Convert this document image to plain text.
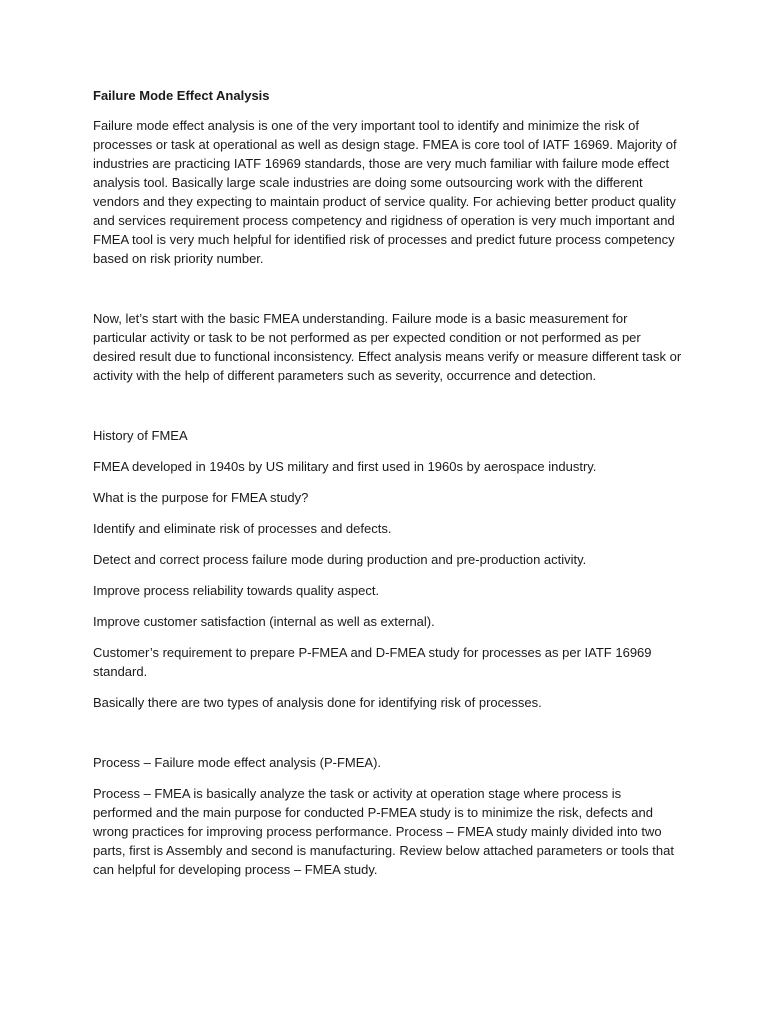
Failure Mode Effect Analysis

Failure mode effect analysis is one of the very important tool to identify and minimize the risk of processes or task at operational as well as design stage. FMEA is core tool of IATF 16969. Majority of industries are practicing IATF 16969 standards, those are very much familiar with failure mode effect analysis tool. Basically large scale industries are doing some outsourcing work with the different vendors and they expecting to maintain product of service quality. For achieving better product quality and services requirement process competency and rigidness of operation is very much important and FMEA tool is very much helpful for identified risk of processes and predict future process competency based on risk priority number.

Now, let’s start with the basic FMEA understanding. Failure mode is a basic measurement for particular activity or task to be not performed as per expected condition or not performed as per desired result due to functional inconsistency. Effect analysis means verify or measure different task or activity with the help of different parameters such as severity, occurrence and detection.

History of FMEA

FMEA developed in 1940s by US military and first used in 1960s by aerospace industry.

What is the purpose for FMEA study?

Identify and eliminate risk of processes and defects.

Detect and correct process failure mode during production and pre-production activity.

Improve process reliability towards quality aspect.

Improve customer satisfaction (internal as well as external).

Customer’s requirement to prepare P-FMEA and D-FMEA study for processes as per IATF 16969 standard.

Basically there are two types of analysis done for identifying risk of processes.

Process – Failure mode effect analysis (P-FMEA).

Process – FMEA is basically analyze the task or activity at operation stage where process is performed and the main purpose for conducted P-FMEA study is to minimize the risk, defects and wrong practices for improving process performance. Process – FMEA study mainly divided into two parts, first is Assembly and second is manufacturing. Review below attached parameters or tools that can helpful for developing process – FMEA study.
